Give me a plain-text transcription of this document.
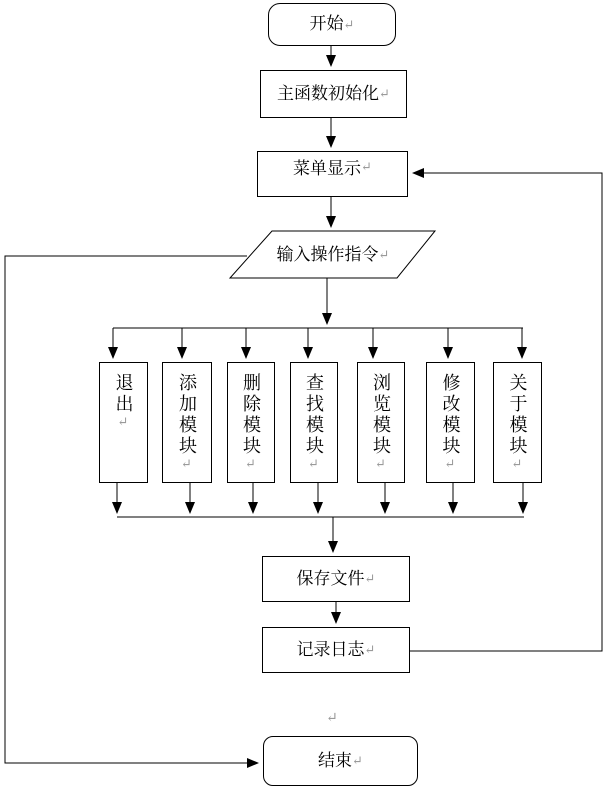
开始 ↵
主函数初始化 ↵
菜单显示 ↵
输入操作指令 ↵
退出↵	添加模块↵
删除模块↵
查找模块↵
浏览模块↵
修改模块↵
关于模块↵
保存文件 ↵
记录日志 ↵
↵
结束 ↵
